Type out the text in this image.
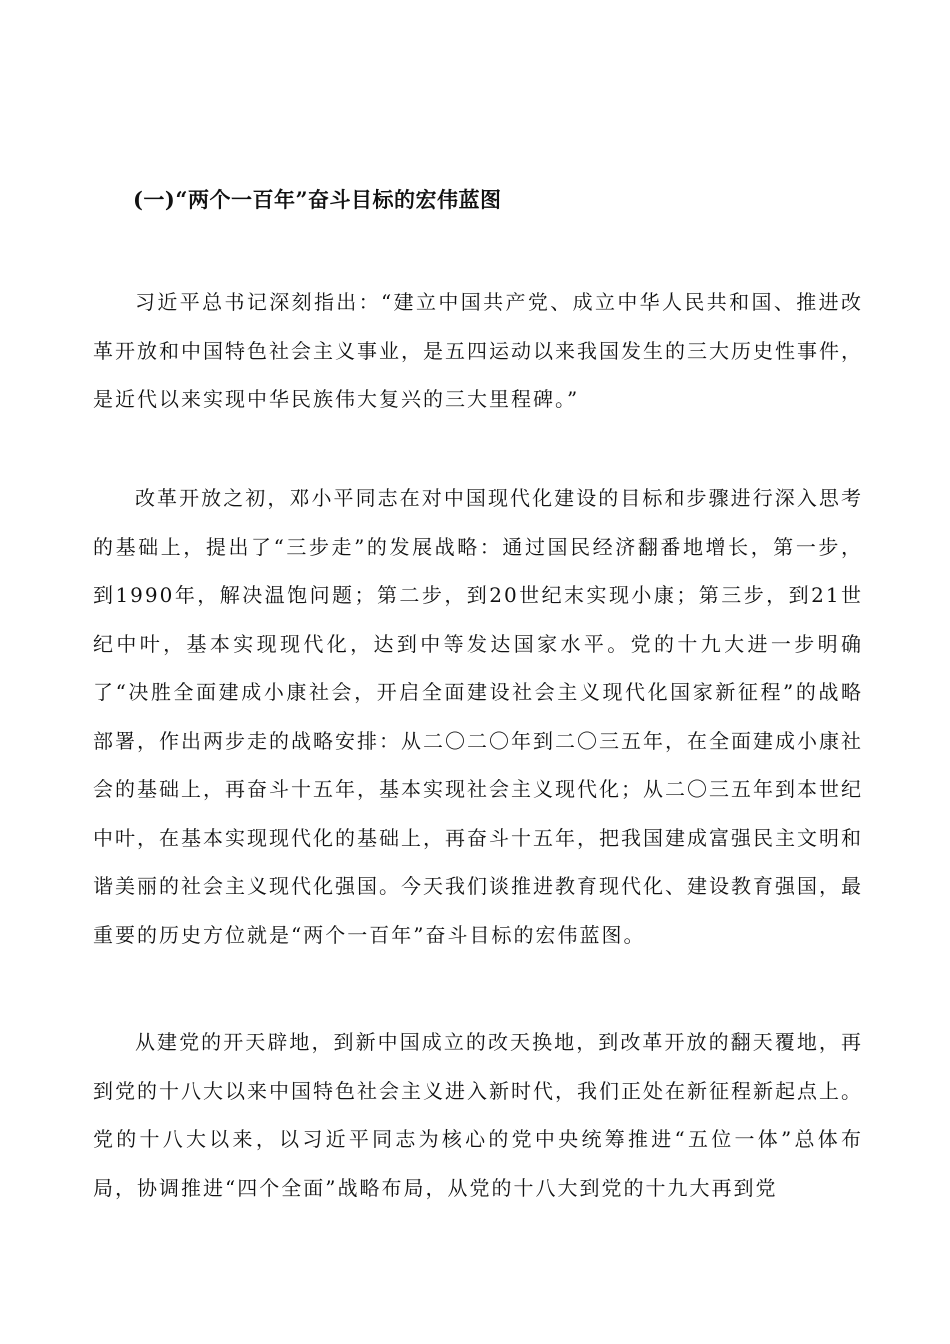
(一)“两个一百年”奋斗目标的宏伟蓝图

习近平总书记深刻指出：“建立中国共产党、成立中华人民共和国、推进改革开放和中国特色社会主义事业，是五四运动以来我国发生的三大历史性事件，是近代以来实现中华民族伟大复兴的三大里程碑。”

改革开放之初，邓小平同志在对中国现代化建设的目标和步骤进行深入思考的基础上，提出了“三步走”的发展战略：通过国民经济翻番地增长，第一步，到1990年，解决温饱问题；第二步，到20世纪末实现小康；第三步，到21世纪中叶，基本实现现代化，达到中等发达国家水平。党的十九大进一步明确了“决胜全面建成小康社会，开启全面建设社会主义现代化国家新征程”的战略部署，作出两步走的战略安排：从二〇二〇年到二〇三五年，在全面建成小康社会的基础上，再奋斗十五年，基本实现社会主义现代化；从二〇三五年到本世纪中叶，在基本实现现代化的基础上，再奋斗十五年，把我国建成富强民主文明和谐美丽的社会主义现代化强国。今天我们谈推进教育现代化、建设教育强国，最重要的历史方位就是“两个一百年”奋斗目标的宏伟蓝图。

从建党的开天辟地，到新中国成立的改天换地，到改革开放的翻天覆地，再到党的十八大以来中国特色社会主义进入新时代，我们正处在新征程新起点上。党的十八大以来，以习近平同志为核心的党中央统筹推进“五位一体”总体布局，协调推进“四个全面”战略布局，从党的十八大到党的十九大再到党
